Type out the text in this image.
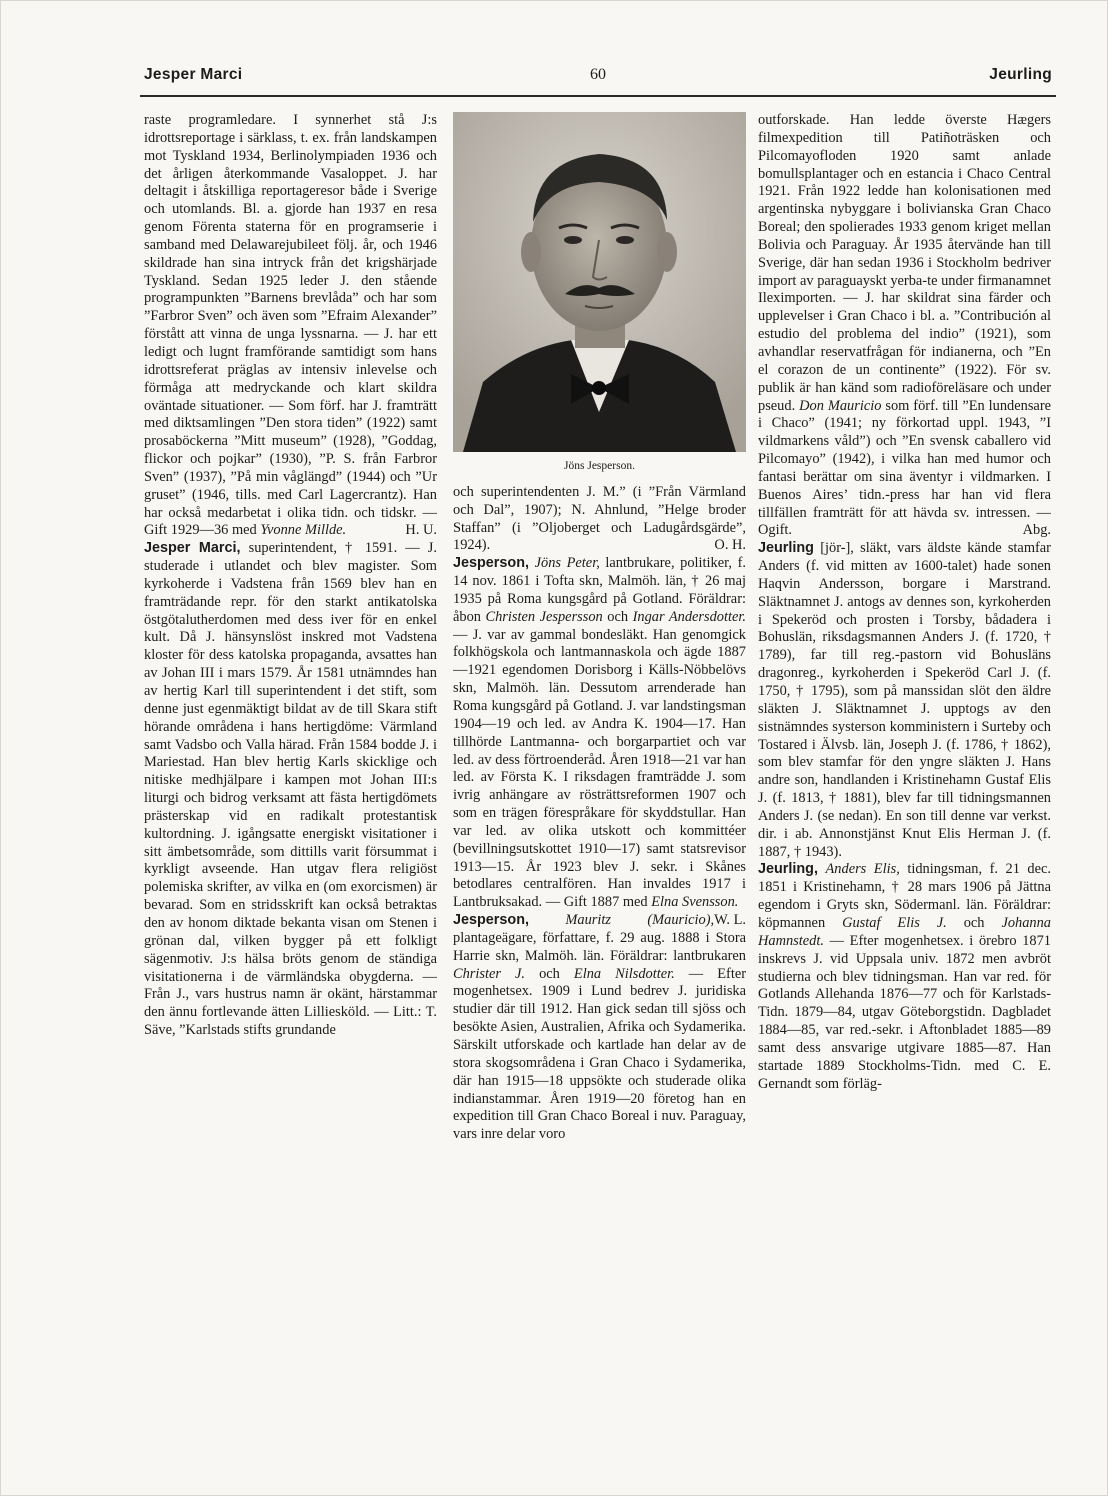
Jesper Marci	60	Jeurling

raste programledare. I synnerhet stå J:s idrottsreportage i särklass, t. ex. från landskampen mot Tyskland 1934, Berlinolympiaden 1936 och det årligen återkommande Vasaloppet. J. har deltagit i åtskilliga reportageresor både i Sverige och utomlands. Bl. a. gjorde han 1937 en resa genom Förenta staterna för en programserie i samband med Delawarejubileet följ. år, och 1946 skildrade han sina intryck från det krigshärjade Tyskland. Sedan 1925 leder J. den stående programpunkten ”Barnens brevlåda” och har som ”Farbror Sven” och även som ”Efraim Alexander” förstått att vinna de unga lyssnarna. — J. har ett ledigt och lugnt framförande samtidigt som hans idrottsreferat präglas av intensiv inlevelse och förmåga att medryckande och klart skildra oväntade situationer. — Som förf. har J. framträtt med diktsamlingen ”Den stora tiden” (1922) samt prosaböckerna ”Mitt museum” (1928), ”Goddag, flickor och pojkar” (1930), ”P. S. från Farbror Sven” (1937), ”På min våglängd” (1944) och ”Ur gruset” (1946, tills. med Carl Lagercrantz). Han har också medarbetat i olika tidn. och tidskr. — Gift 1929—36 med Yvonne Millde.	H. U.

Jesper Marci, superintendent, † 1591. — J. studerade i utlandet och blev magister. Som kyrkoherde i Vadstena från 1569 blev han en framträdande repr. för den starkt antikatolska östgötalutherdomen med dess iver för en enkel kult. Då J. hänsynslöst inskred mot Vadstena kloster för dess katolska propaganda, avsattes han av Johan III i mars 1579. År 1581 utnämndes han av hertig Karl till superintendent i det stift, som denne just egenmäktigt bildat av de till Skara stift hörande områdena i hans hertigdöme: Värmland samt Vadsbo och Valla härad. Från 1584 bodde J. i Mariestad. Han blev hertig Karls skicklige och nitiske medhjälpare i kampen mot Johan III:s liturgi och bidrog verksamt att fästa hertigdömets prästerskap vid en radikalt protestantisk kultordning. J. igångsatte energiskt visitationer i sitt ämbetsområde, som dittills varit försummat i kyrkligt avseende. Han utgav flera religiöst polemiska skrifter, av vilka en (om exorcismen) är bevarad. Som en stridsskrift kan också betraktas den av honom diktade bekanta visan om Stenen i grönan dal, vilken bygger på ett folkligt sägenmotiv. J:s hälsa bröts genom de ständiga visitationerna i de värmländska obygderna. — Från J., vars hustrus namn är okänt, härstammar den ännu fortlevande ätten Lilliesköld. — Litt.: T. Säve, ”Karlstads stifts grundande

Jöns Jesperson.

och superintendenten J. M.” (i ”Från Värmland och Dal”, 1907); N. Ahnlund, ”Helge broder Staffan” (i ”Oljoberget och Ladugårdsgärde”, 1924).	O. H.

Jesperson, Jöns Peter, lantbrukare, politiker, f. 14 nov. 1861 i Tofta skn, Malmöh. län, † 26 maj 1935 på Roma kungsgård på Gotland. Föräldrar: åbon Christen Jespersson och Ingar Andersdotter. — J. var av gammal bondesläkt. Han genomgick folkhögskola och lantmannaskola och ägde 1887—1921 egendomen Dorisborg i Källs-Nöbbelövs skn, Malmöh. län. Dessutom arrenderade han Roma kungsgård på Gotland. J. var landstingsman 1904—19 och led. av Andra K. 1904—17. Han tillhörde Lantmanna- och borgarpartiet och var led. av dess förtroenderåd. Åren 1918—21 var han led. av Första K. I riksdagen framträdde J. som ivrig anhängare av rösträttsreformen 1907 och som en trägen förespråkare för skyddstullar. Han var led. av olika utskott och kommittéer (bevillningsutskottet 1910—17) samt statsrevisor 1913—15. År 1923 blev J. sekr. i Skånes betodlares centralfören. Han invaldes 1917 i Lantbruksakad. — Gift 1887 med Elna Svensson.
W. L.

Jesperson,	Mauritz (Mauricio), plantageägare, författare, f. 29 aug. 1888 i Stora Harrie skn, Malmöh. län. Föräldrar: lantbrukaren Christer J. och Elna Nilsdotter. — Efter mogenhetsex. 1909 i Lund bedrev J. juridiska studier där till 1912. Han gick sedan till sjöss och besökte Asien, Australien, Afrika och Sydamerika. Särskilt utforskade och kartlade han delar av de stora skogsområdena i Gran Chaco i Sydamerika, där han 1915—18 uppsökte och studerade olika indianstammar. Åren 1919—20 företog han en expedition till Gran Chaco Boreal i nuv. Paraguay, vars inre delar voro

outforskade. Han ledde överste Hægers filmexpedition till Patiñoträsken och Pilcomayofloden 1920 samt anlade bomullsplantager och en estancia i Chaco Central 1921. Från 1922 ledde han kolonisationen med argentinska nybyggare i bolivianska Gran Chaco Boreal; den spolierades 1933 genom kriget mellan Bolivia och Paraguay. År 1935 återvände han till Sverige, där han sedan 1936 i Stockholm bedriver import av paraguayskt yerba-te under firmanamnet Ileximporten. — J. har skildrat sina färder och upplevelser i Gran Chaco i bl. a. ”Contribución al estudio del problema del indio” (1921), som avhandlar reservatfrågan för indianerna, och ”En el corazon de un continente” (1922). För sv. publik är han känd som radioföreläsare och under pseud. Don Mauricio som förf. till ”En lundensare i Chaco” (1941; ny förkortad uppl. 1943, ”I vildmarkens våld”) och ”En svensk caballero vid Pilcomayo” (1942), i vilka han med humor och fantasi berättar om sina äventyr i vildmarken. I Buenos Aires’ tidn.-press har han vid flera tillfällen framträtt för att hävda sv. intressen. — Ogift.	Abg.

Jeurling [jör-], släkt, vars äldste kände stamfar Anders (f. vid mitten av 1600-talet) hade sonen Haqvin Andersson, borgare i Marstrand. Släktnamnet J. antogs av dennes son, kyrkoherden i Spekeröd och prosten i Torsby, bådadera i Bohuslän, riksdagsmannen Anders J. (f. 1720, † 1789), far till reg.-pastorn vid Bohusläns dragonreg., kyrkoherden i Spekeröd Carl J. (f. 1750, † 1795), som på manssidan slöt den äldre släkten J. Släktnamnet J. upptogs av den sistnämndes systerson komministern i Surteby och Tostared i Älvsb. län, Joseph J. (f. 1786, † 1862), som blev stamfar för den yngre släkten J. Hans andre son, handlanden i Kristinehamn Gustaf Elis J. (f. 1813, † 1881), blev far till tidningsmannen Anders J. (se nedan). En son till denne var verkst. dir. i ab. Annonstjänst Knut Elis Herman J. (f. 1887, † 1943).

Jeurling, Anders Elis, tidningsman, f. 21 dec. 1851 i Kristinehamn, † 28 mars 1906 på Jättna egendom i Gryts skn, Södermanl. län. Föräldrar: köpmannen Gustaf Elis J. och Johanna Hamnstedt. — Efter mogenhetsex. i örebro 1871 inskrevs J. vid Uppsala univ. 1872 men avbröt studierna och blev tidningsman. Han var red. för Gotlands Allehanda 1876—77 och för Karlstads-Tidn. 1879—84, utgav Göteborgstidn. Dagbladet 1884—85, var red.-sekr. i Aftonbladet 1885—89 samt dess ansvarige utgivare 1885—87. Han startade 1889 Stockholms-Tidn. med C. E. Gernandt som förläg-
